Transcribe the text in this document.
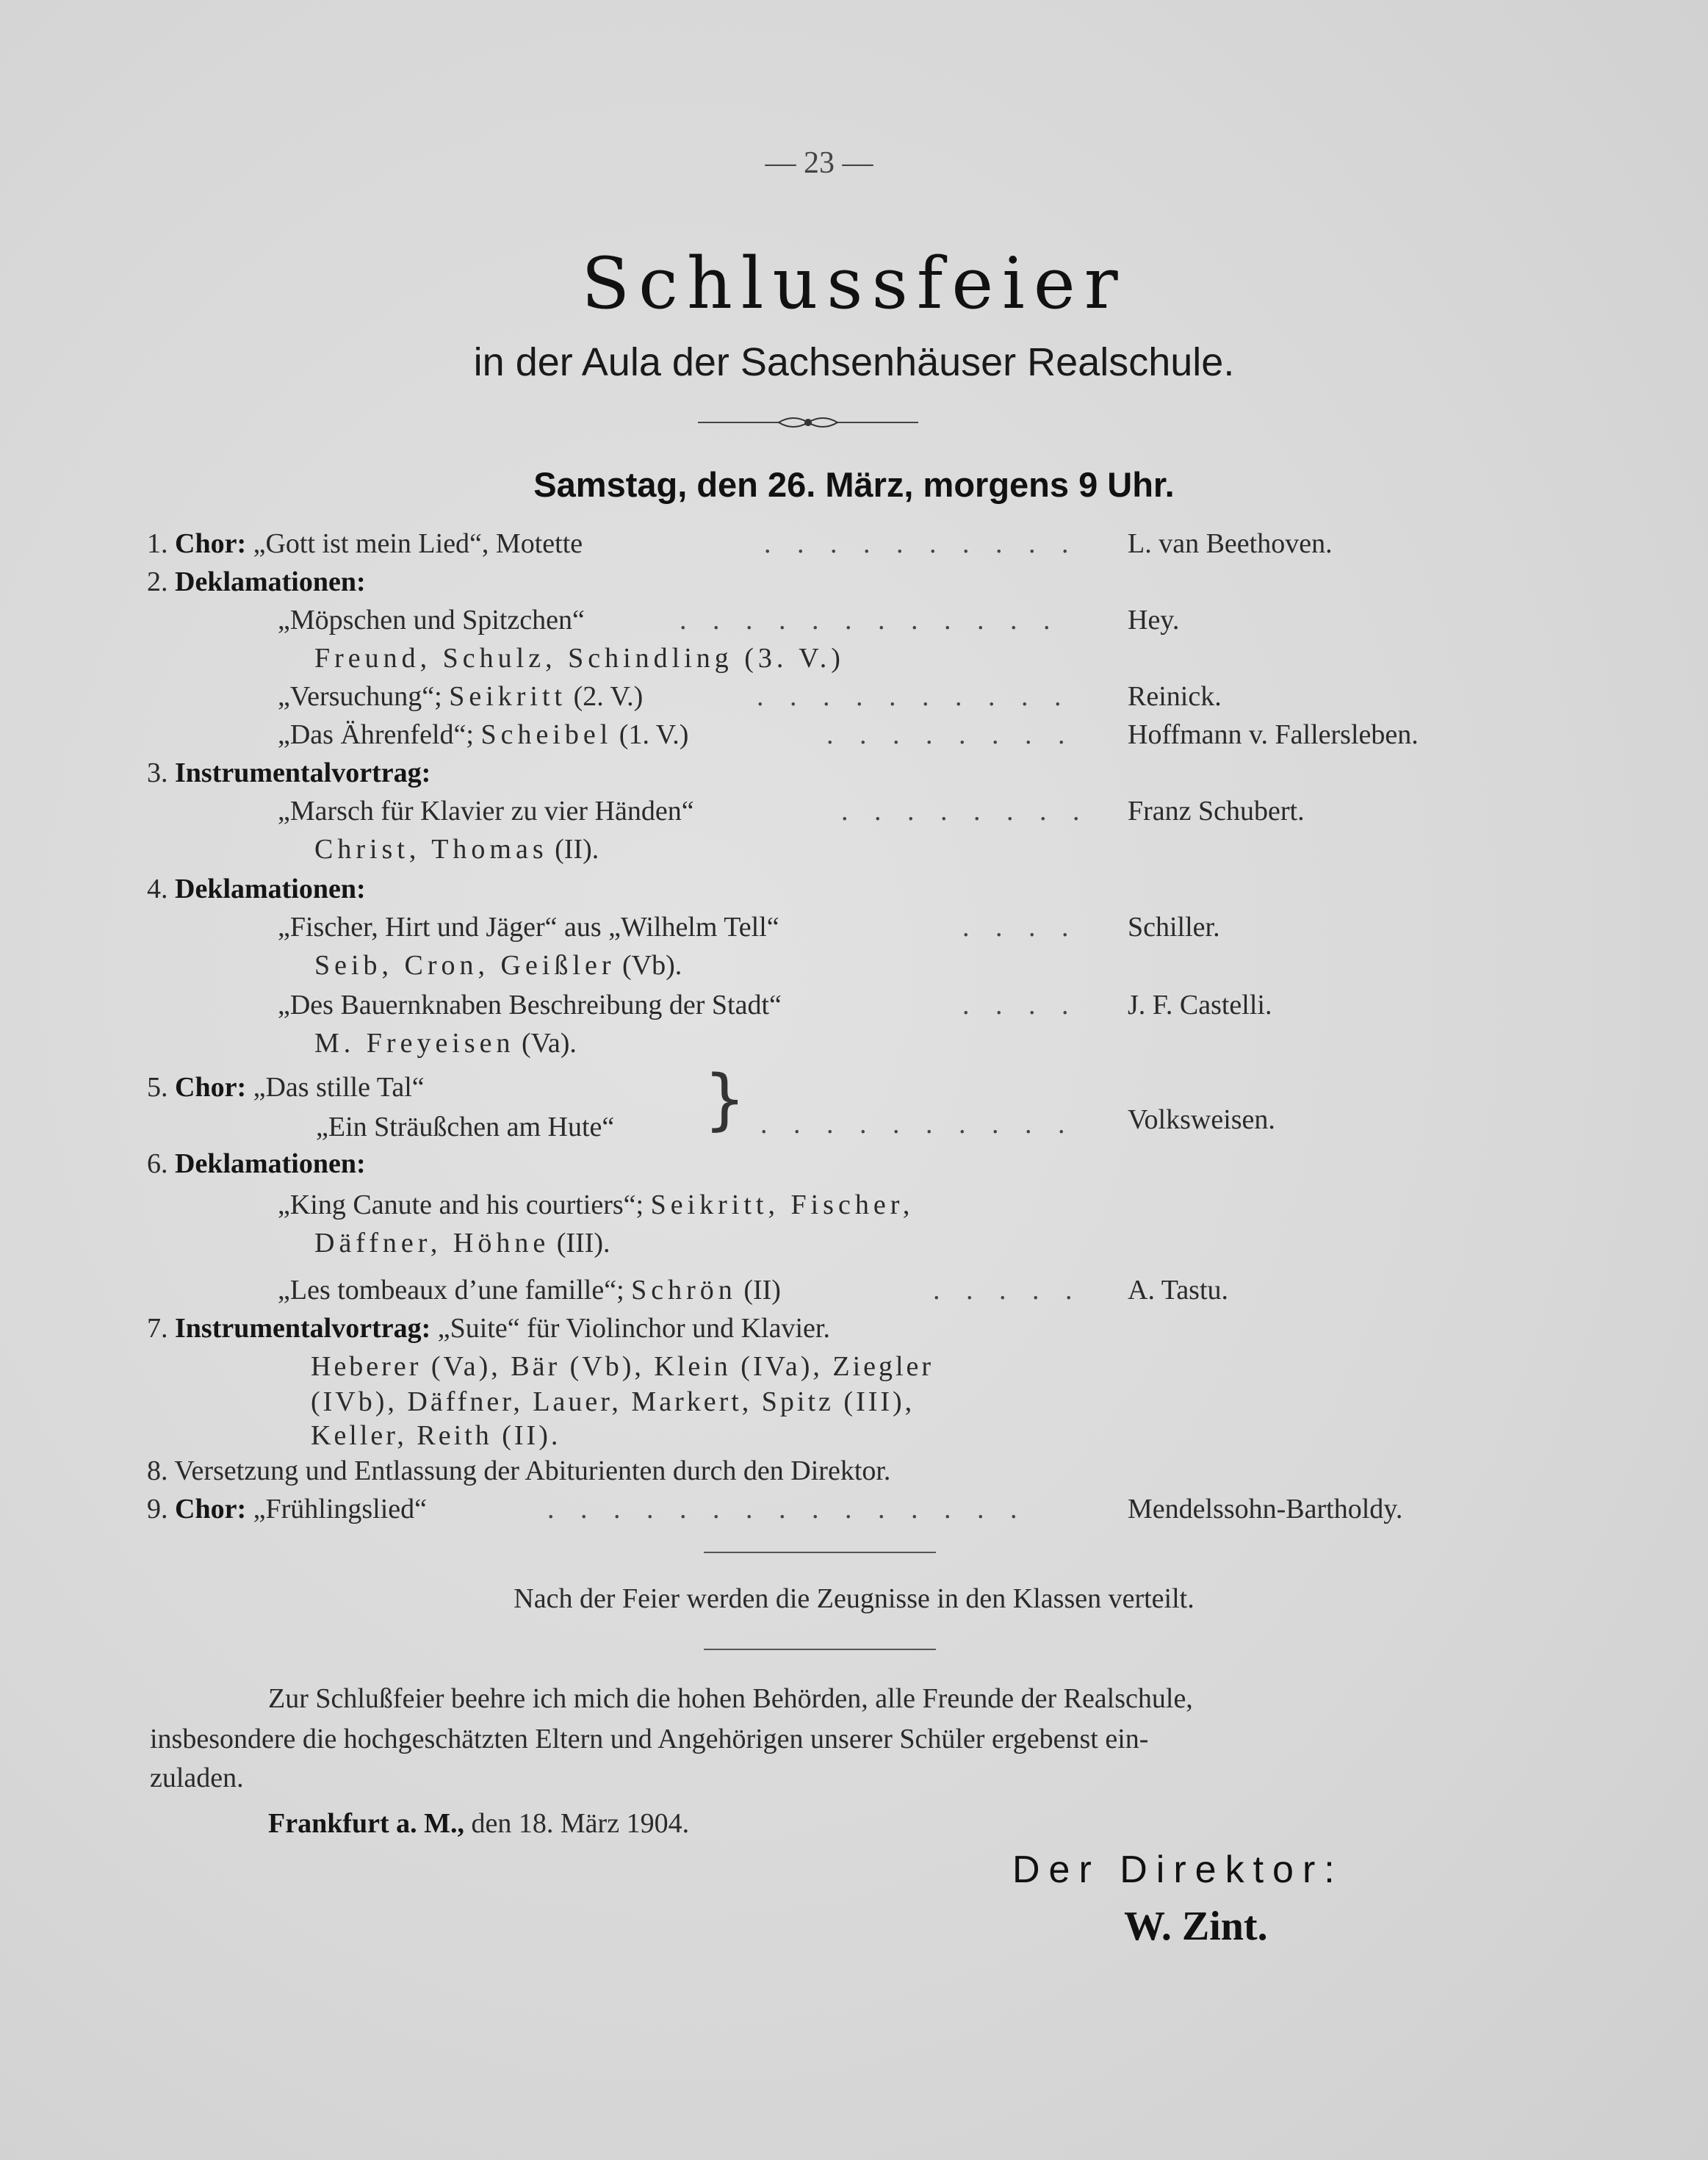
— 23 —
Schlussfeier
in der Aula der Sachsenhäuser Realschule.
Samstag, den 26. März, morgens 9 Uhr.
1. Chor: „Gott ist mein Lied“, Motette	. . . . . . . . . . L. van Beethoven.
2. Deklamationen:
„Möpschen und Spitzchen“	. . . . . . . . . . . . Hey.
Freund, Schulz, Schindling (3. V.)
„Versuchung“; Seikritt (2. V.)	. . . . . . . . . . Reinick.
„Das Ährenfeld“; Scheibel (1. V.)	. . . . . . . . Hoffmann v. Fallersleben.
3. Instrumentalvortrag:
„Marsch für Klavier zu vier Händen“	. . . . . . . . Franz Schubert.
Christ, Thomas (II).
4. Deklamationen:
„Fischer, Hirt und Jäger“ aus „Wilhelm Tell“	. . . . Schiller.
Seib, Cron, Geißler (Vb).
„Des Bauernknaben Beschreibung der Stadt“	. . . . J. F. Castelli.
M. Freyeisen (Va).
5. Chor: „Das stille Tal“
„Ein Sträußchen am Hute“ } . . . . . . . . . . Volksweisen.
6. Deklamationen:
„King Canute and his courtiers“; Seikritt, Fischer,
Däffner, Höhne (III).
„Les tombeaux d’une famille“; Schrön (II)	. . . . . A. Tastu.
7. Instrumentalvortrag: „Suite“ für Violinchor und Klavier.
Heberer (Va), Bär (Vb), Klein (IVa), Ziegler
(IVb), Däffner, Lauer, Markert, Spitz (III),
Keller, Reith (II).
8. Versetzung und Entlassung der Abiturienten durch den Direktor.
9. Chor: „Frühlingslied“	. . . . . . . . . . . . . . .	Mendelssohn-Bartholdy.
Nach der Feier werden die Zeugnisse in den Klassen verteilt.
Zur Schlußfeier beehre ich mich die hohen Behörden, alle Freunde der Realschule,
insbesondere die hochgeschätzten Eltern und Angehörigen unserer Schüler ergebenst ein-
zuladen.
Frankfurt a. M., den 18. März 1904.
Der Direktor:
W. Zint.
